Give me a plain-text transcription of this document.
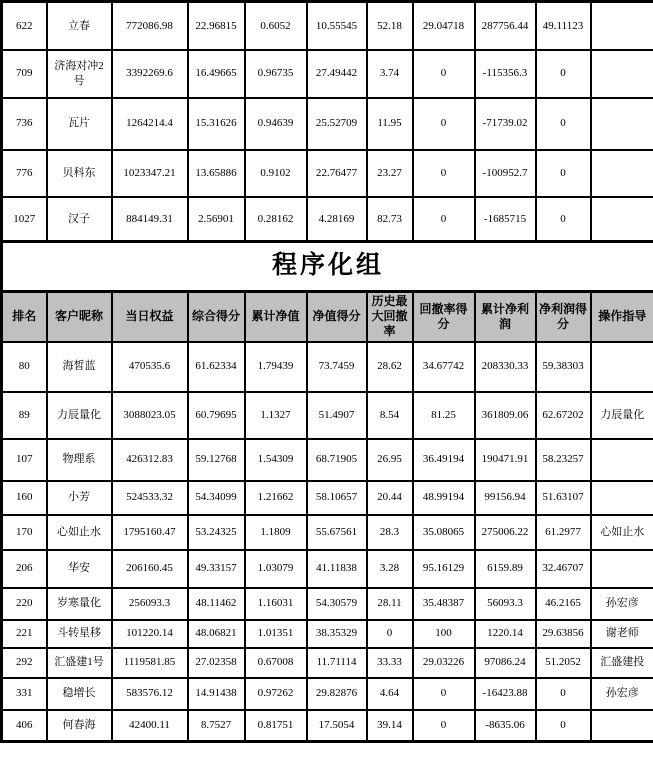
622	立春	772086.98	22.96815	0.6052	10.55545	52.18	29.04718	287756.44	49.11123	
709	济海对冲2号	3392269.6	16.49665	0.96735	27.49442	3.74	0	-115356.3	0	
736	瓦片	1264214.4	15.31626	0.94639	25.52709	11.95	0	-71739.02	0	
776	贝科东	1023347.21	13.65886	0.9102	22.76477	23.27	0	-100952.7	0	
1027	汉子	884149.31	2.56901	0.28162	4.28169	82.73	0	-1685715	0	
程序化组										
排名	客户昵称	当日权益	综合得分	累计净值	净值得分	历史最大回撤率	回撤率得分	累计净利润	净利润得分	操作指导
80	海皙蓝	470535.6	61.62334	1.79439	73.7459	28.62	34.67742	208330.33	59.38303	
89	力辰量化	3088023.05	60.79695	1.1327	51.4907	8.54	81.25	361809.06	62.67202	力辰量化
107	物理系	426312.83	59.12768	1.54309	68.71905	26.95	36.49194	190471.91	58.23257	
160	小芳	524533.32	54.34099	1.21662	58.10657	20.44	48.99194	99156.94	51.63107	
170	心如止水	1795160.47	53.24325	1.1809	55.67561	28.3	35.08065	275006.22	61.2977	心如止水
206	华安	206160.45	49.33157	1.03079	41.11838	3.28	95.16129	6159.89	32.46707	
220	岁寒量化	256093.3	48.11462	1.16031	54.30579	28.11	35.48387	56093.3	46.2165	孙宏彦
221	斗转星移	101220.14	48.06821	1.01351	38.35329	0	100	1220.14	29.63856	谢老师
292	汇盛建1号	1119581.85	27.02358	0.67008	11.71114	33.33	29.03226	97086.24	51.2052	汇盛建投
331	稳增长	583576.12	14.91438	0.97262	29.82876	4.64	0	-16423.88	0	孙宏彦
406	何春海	42400.11	8.7527	0.81751	17.5054	39.14	0	-8635.06	0	
